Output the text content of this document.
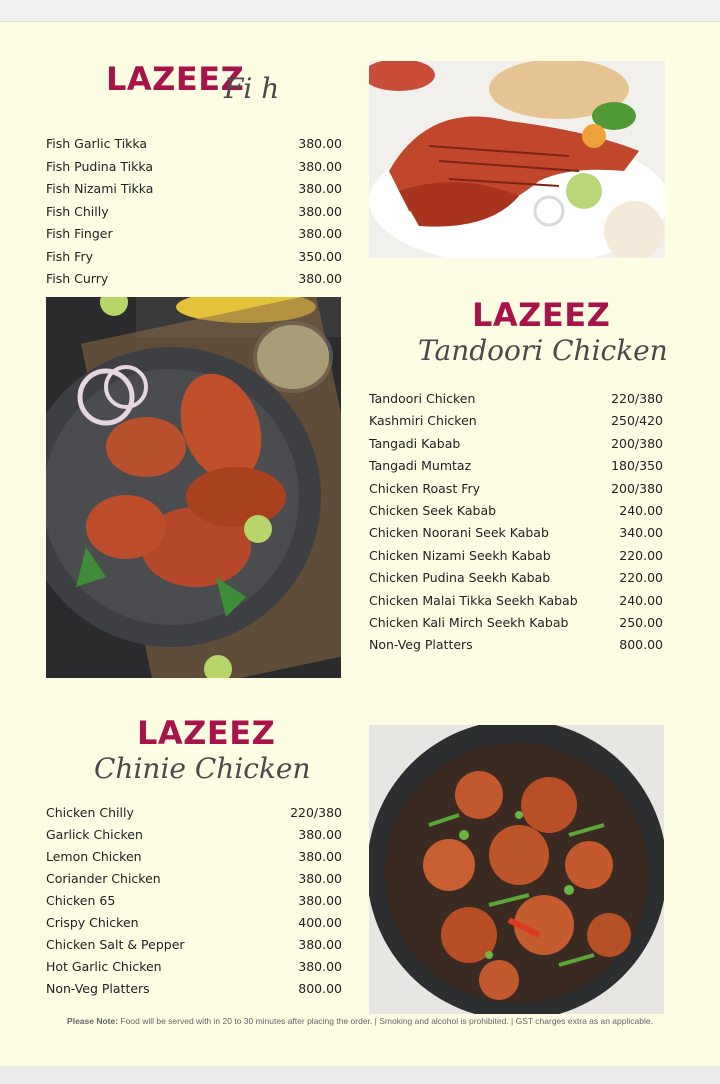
LAZEEZ
Fi h
Fish Garlic Tikka	380.00
Fish Pudina Tikka	380.00
Fish Nizami Tikka	380.00
Fish Chilly	380.00
Fish Finger	380.00
Fish Fry	350.00
Fish Curry	380.00
LAZEEZ
Tandoori Chicken
Tandoori Chicken	220/380
Kashmiri Chicken	250/420
Tangadi Kabab	200/380
Tangadi Mumtaz	180/350
Chicken Roast Fry	200/380
Chicken Seek Kabab	240.00
Chicken Noorani Seek Kabab	340.00
Chicken Nizami Seekh Kabab	220.00
Chicken Pudina Seekh Kabab	220.00
Chicken Malai Tikka Seekh Kabab	240.00
Chicken Kali Mirch Seekh Kabab	250.00
Non-Veg Platters	800.00
LAZEEZ
Chinie Chicken
Chicken Chilly	220/380
Garlick Chicken	380.00
Lemon Chicken	380.00
Coriander Chicken	380.00
Chicken 65	380.00
Crispy Chicken	400.00
Chicken Salt & Pepper	380.00
Hot Garlic Chicken	380.00
Non-Veg Platters	800.00
Please Note: Food will be served with in 20 to 30 minutes after placing the order. | Smoking and alcohol is prohibited. | GST charges extra as an applicable.
